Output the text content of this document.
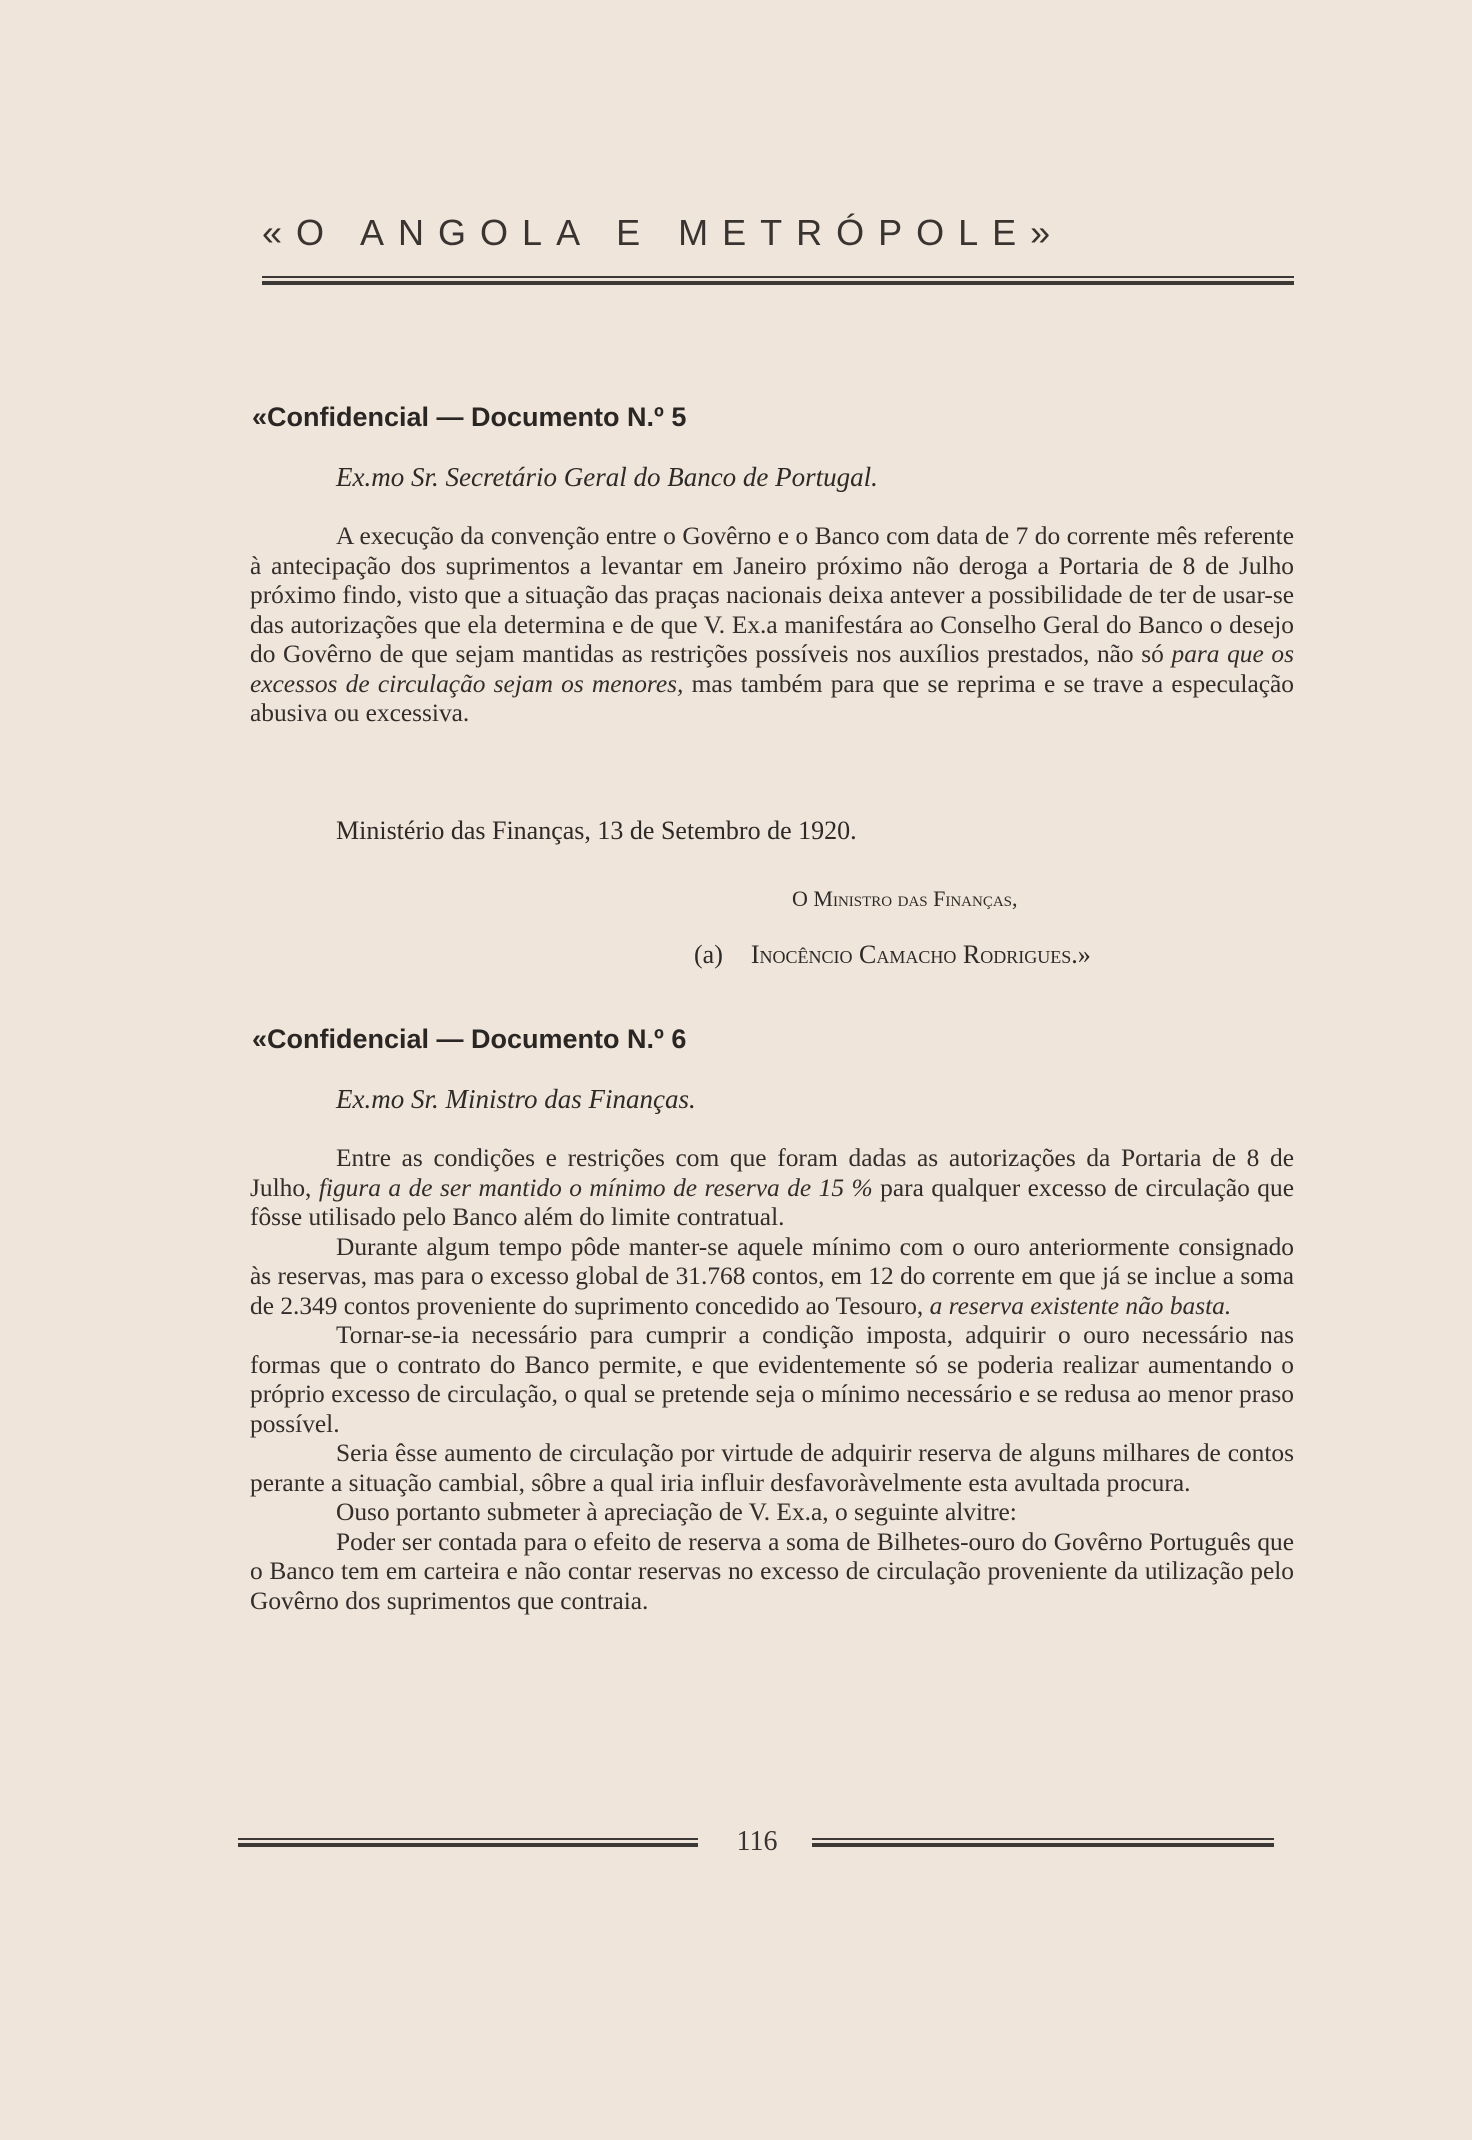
«O ANGOLA E METRÓPOLE»
«Confidencial — Documento N.º 5
Ex.mo Sr. Secretário Geral do Banco de Portugal.

A execução da convenção entre o Govêrno e o Banco com data de 7 do corrente mês referente à antecipação dos suprimentos a levantar em Janeiro próximo não deroga a Portaria de 8 de Julho próximo findo, visto que a situação das praças nacionais deixa antever a possibilidade de ter de usar-se das autorizações que ela determina e de que V. Ex.a manifestára ao Conselho Geral do Banco o desejo do Govêrno de que sejam mantidas as restrições possíveis nos auxílios prestados, não só para que os excessos de circulação sejam os menores, mas também para que se reprima e se trave a especulação abusiva ou excessiva.

Ministério das Finanças, 13 de Setembro de 1920.
O Ministro das Finanças,
(a) Inocêncio Camacho Rodrigues.»
«Confidencial — Documento N.º 6
Ex.mo Sr. Ministro das Finanças.

Entre as condições e restrições com que foram dadas as autorizações da Portaria de 8 de Julho, figura a de ser mantido o mínimo de reserva de 15 % para qualquer excesso de circulação que fôsse utilisado pelo Banco além do limite contratual.

Durante algum tempo pôde manter-se aquele mínimo com o ouro anteriormente consignado às reservas, mas para o excesso global de 31.768 contos, em 12 do corrente em que já se inclue a soma de 2.349 contos proveniente do suprimento concedido ao Tesouro, a reserva existente não basta.

Tornar-se-ia necessário para cumprir a condição imposta, adquirir o ouro necessário nas formas que o contrato do Banco permite, e que evidentemente só se poderia realizar aumentando o próprio excesso de circulação, o qual se pretende seja o mínimo necessário e se redusa ao menor praso possível.

Seria êsse aumento de circulação por virtude de adquirir reserva de alguns milhares de contos perante a situação cambial, sôbre a qual iria influir desfavoràvelmente esta avultada procura.

Ouso portanto submeter à apreciação de V. Ex.a, o seguinte alvitre:

Poder ser contada para o efeito de reserva a soma de Bilhetes-ouro do Govêrno Português que o Banco tem em carteira e não contar reservas no excesso de circulação proveniente da utilização pelo Govêrno dos suprimentos que contraia.

116
